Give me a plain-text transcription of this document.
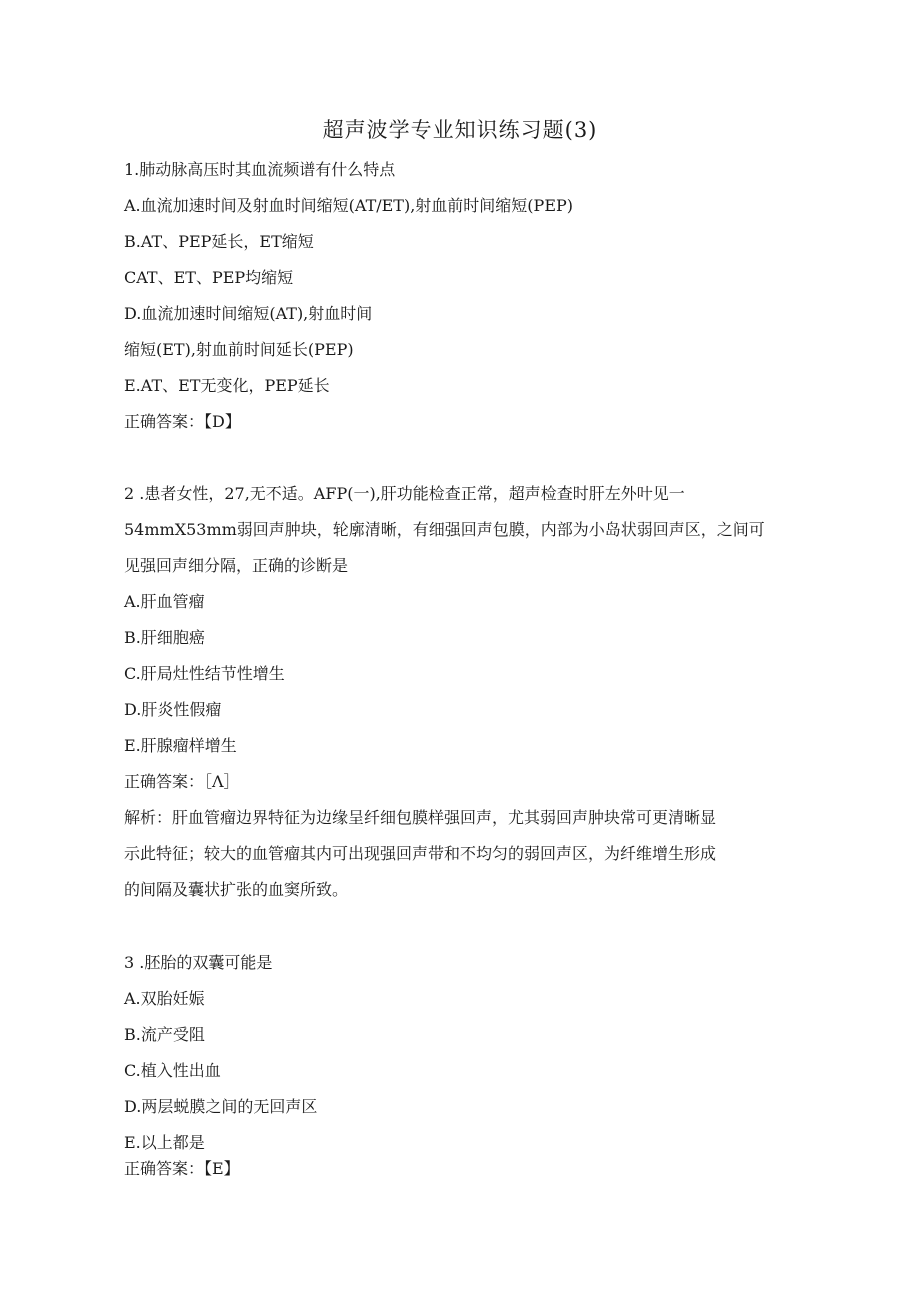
超声波学专业知识练习题(3)
1.肺动脉高压时其血流频谱有什么特点
A.血流加速时间及射血时间缩短(AT/ET),射血前时间缩短(PEP)
B.AT、PEP延长，ET缩短
CAT、ET、PEP均缩短
D.血流加速时间缩短(AT),射血时间
缩短(ET),射血前时间延长(PEP)
E.AT、ET无变化，PEP延长
正确答案：【D】
2 .患者女性，27,无不适。AFP(一),肝功能检查正常，超声检查时肝左外叶见一
54mmX53mm弱回声肿块，轮廓清晰，有细强回声包膜，内部为小岛状弱回声区，之间可
见强回声细分隔，正确的诊断是
A.肝血管瘤
B.肝细胞癌
C.肝局灶性结节性增生
D.肝炎性假瘤
E.肝腺瘤样增生
正确答案：［Λ］
解析：肝血管瘤边界特征为边缘呈纤细包膜样强回声，尤其弱回声肿块常可更清晰显
示此特征；较大的血管瘤其内可出现强回声带和不均匀的弱回声区，为纤维增生形成
的间隔及囊状扩张的血窦所致。
3 .胚胎的双囊可能是
A.双胎妊娠
B.流产受阻
C.植入性出血
D.两层蜕膜之间的无回声区
E.以上都是
正确答案：【E】
